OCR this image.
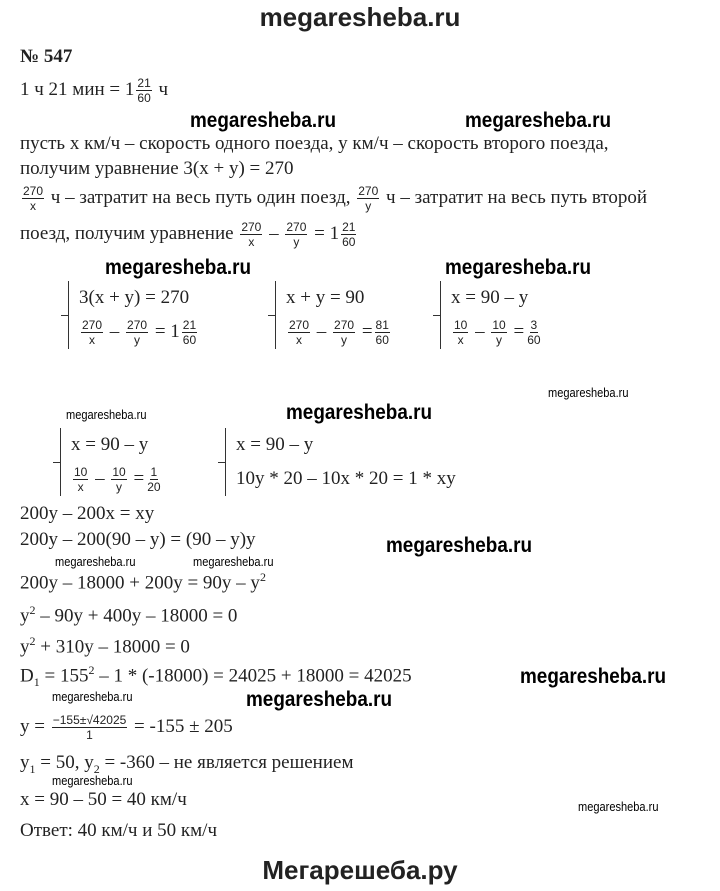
megaresheba.ru
№ 547
1 ч 21 мин = $1 \frac{21}{60}$ ч
пусть х км/ч – скорость одного поезда, у км/ч – скорость второго поезда,
получим уравнение 3(x + y) = 270
$\frac{270}{x}$ ч – затратит на весь путь один поезд, $\frac{270}{y}$ ч – затратит на весь путь второй
поезд, получим уравнение $\frac{270}{x} - \frac{270}{y} = 1 \frac{21}{60}$
3(x + y) = 270
$\frac{270}{x}$
–
$\frac{270}{y}$
= $1 \frac{21}{60}$
x + y = 90
$\frac{270}{x}$
–
$\frac{270}{y}$
= $\frac{81}{60}$
x = 90 – y
$\frac{10}{x}$
–
$\frac{10}{y}$
= $\frac{3}{60}$
x = 90 – y
$\frac{10}{x}$
–
$\frac{10}{y}$
= $\frac{1}{20}$
x = 90 – y
10y * 20 – 10x * 20 = 1 * xy
200y – 200x = xy
200y – 200(90 – y) = (90 – y)y
$200y - 18000 + 200y = 90y - y^2$
$y^2 - 90y + 400y - 18000 = 0$
$y^2 + 310y - 18000 = 0$
$D_1 = 155^2 - 1 * (-18000) = 24025 + 18000 = 42025$
$y = \frac{-155\pm√42025}{1} = -155 \pm 205$
$y_1 = 50$, $y_2 = -360$ – не является решением
x = 90 – 50 = 40 км/ч
Ответ: 40 км/ч и 50 км/ч
megaresheba.ru	megaresheba.ru
megaresheba.ru	megaresheba.ru
megaresheba.ru
megaresheba.ru	megaresheba.ru
megaresheba.ru
megaresheba.ru	megaresheba.ru
megaresheba.ru
megaresheba.ru	megaresheba.ru
megaresheba.ru
megaresheba.ru
Мегарешеба.ру
